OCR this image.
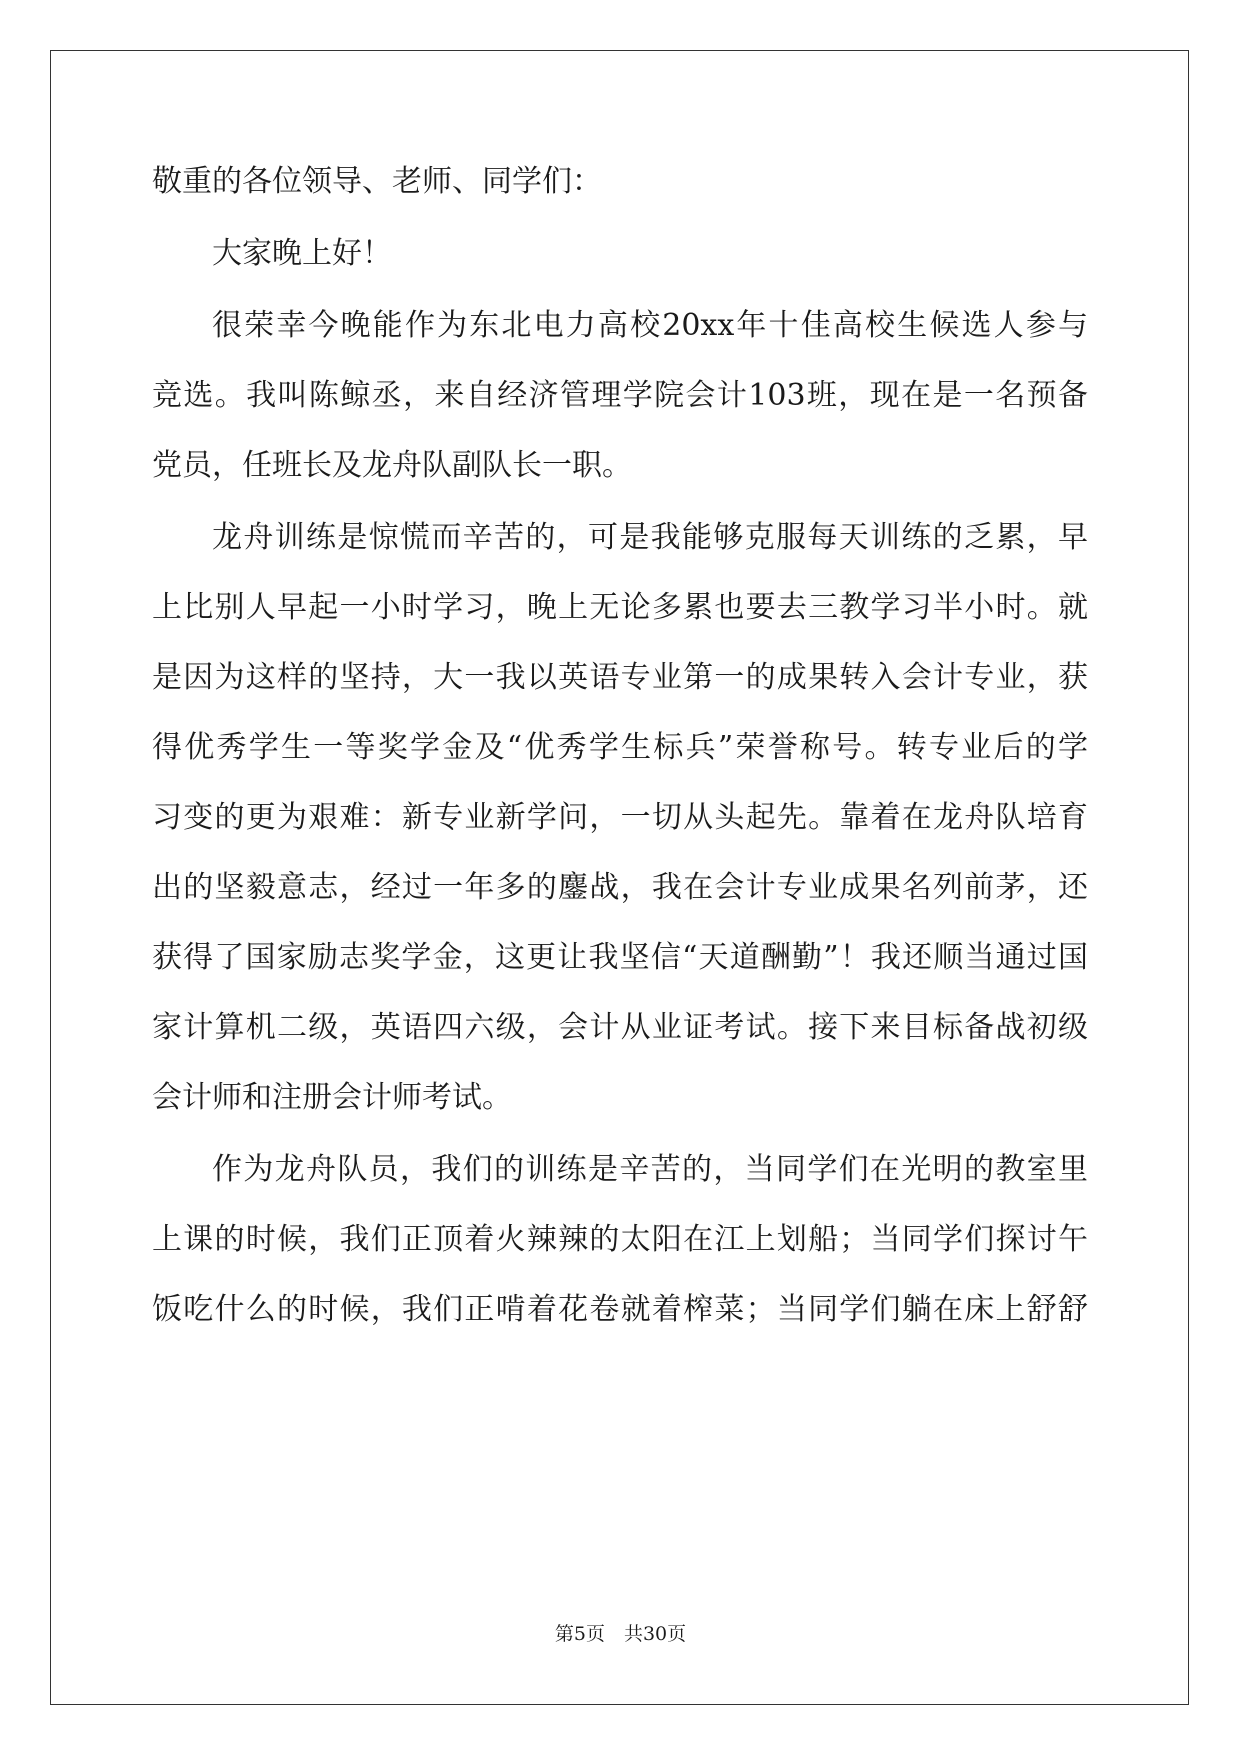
敬重的各位领导、老师、同学们：
大家晚上好！
很荣幸今晚能作为东北电力高校20xx年十佳高校生候选人参与
竞选。我叫陈鲸丞，来自经济管理学院会计103班，现在是一名预备
党员，任班长及龙舟队副队长一职。
龙舟训练是惊慌而辛苦的，可是我能够克服每天训练的乏累，早
上比别人早起一小时学习，晚上无论多累也要去三教学习半小时。就
是因为这样的坚持，大一我以英语专业第一的成果转入会计专业，获
得优秀学生一等奖学金及“优秀学生标兵”荣誉称号。转专业后的学
习变的更为艰难：新专业新学问，一切从头起先。靠着在龙舟队培育
出的坚毅意志，经过一年多的鏖战，我在会计专业成果名列前茅，还
获得了国家励志奖学金，这更让我坚信“天道酬勤”！我还顺当通过国
家计算机二级，英语四六级，会计从业证考试。接下来目标备战初级
会计师和注册会计师考试。
作为龙舟队员，我们的训练是辛苦的，当同学们在光明的教室里
上课的时候，我们正顶着火辣辣的太阳在江上划船；当同学们探讨午
饭吃什么的时候，我们正啃着花卷就着榨菜；当同学们躺在床上舒舒
第5页　共30页
